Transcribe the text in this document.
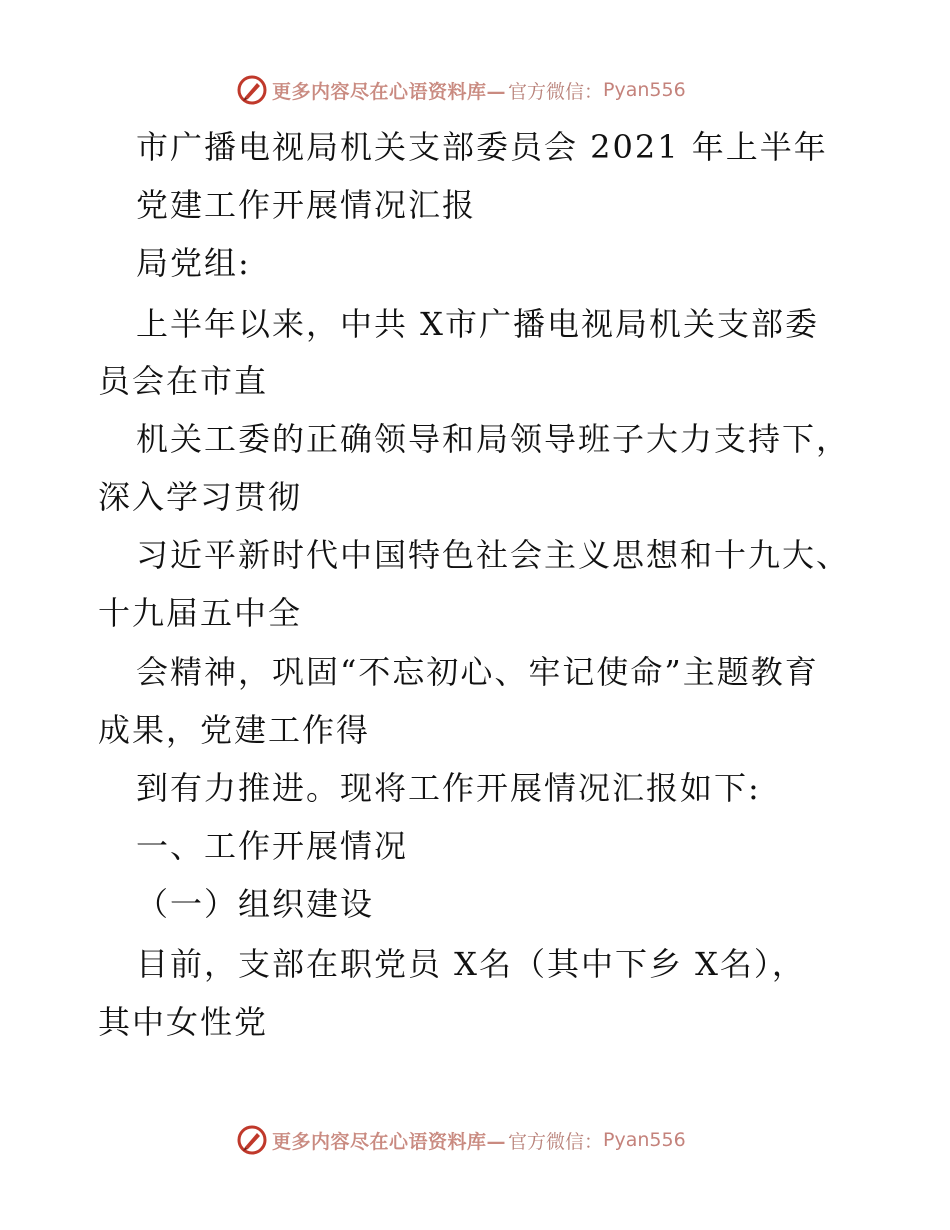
更多内容尽在心语资料库— 官方微信： Pyan556
市广播电视局机关支部委员会 2021 年上半年
党建工作开展情况汇报
局党组:
上半年以来，中共 X市广播电视局机关支部委
员会在市直
机关工委的正确领导和局领导班子大力支持下，
深入学习贯彻
习近平新时代中国特色社会主义思想和十九大、
十九届五中全
会精神，巩固“不忘初心、牢记使命”主题教育
成果，党建工作得
到有力推进。现将工作开展情况汇报如下:
一、工作开展情况
（一）组织建设
目前，支部在职党员 X名（其中下乡 X名），
其中女性党
更多内容尽在心语资料库— 官方微信： Pyan556
